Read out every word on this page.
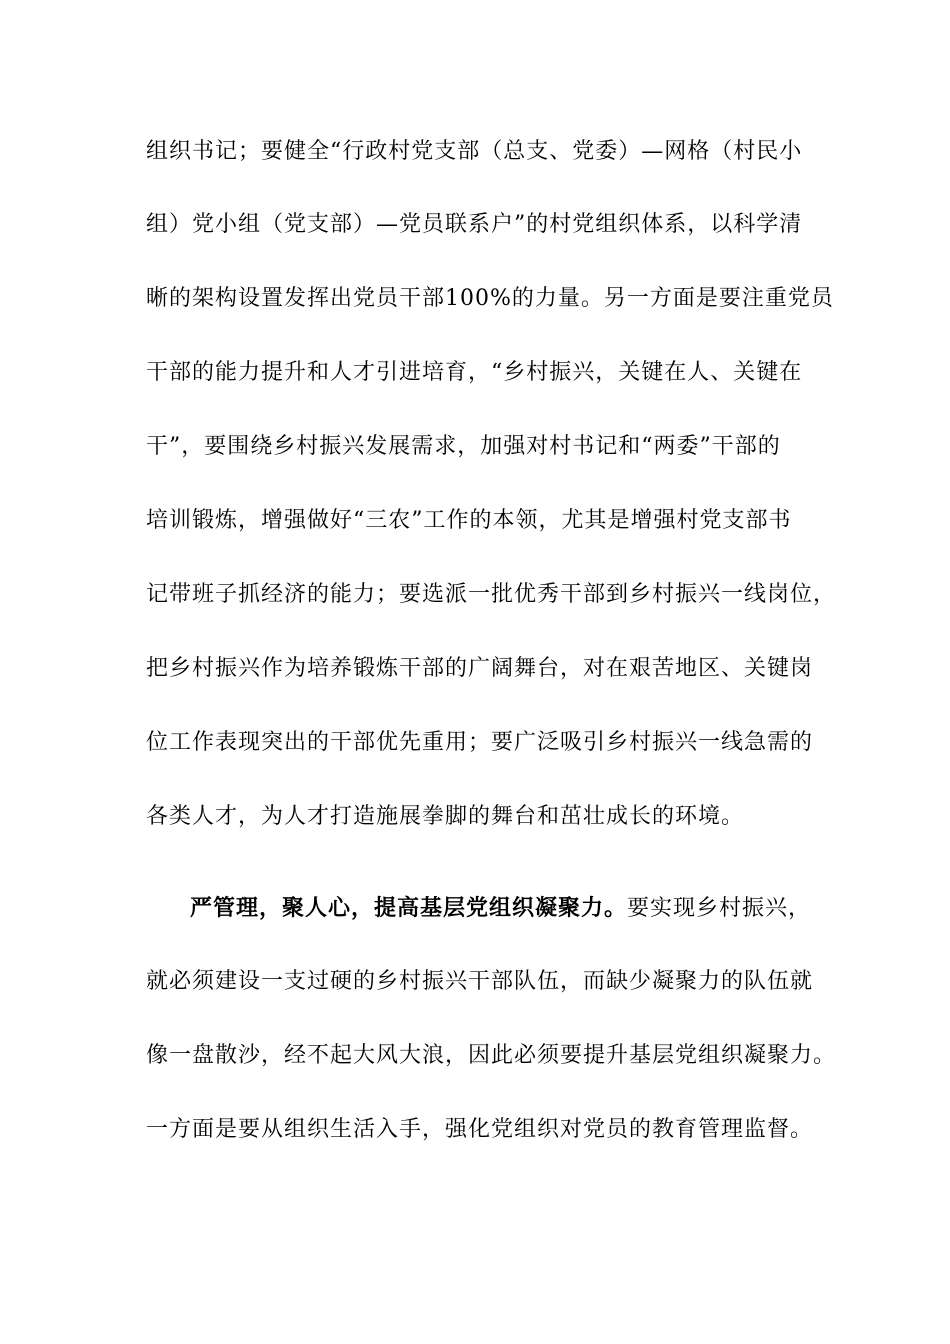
组织书记；要健全“行政村党支部（总支、党委）—网格（村民小
组）党小组（党支部）—党员联系户”的村党组织体系，以科学清
晰的架构设置发挥出党员干部100%的力量。另一方面是要注重党员
干部的能力提升和人才引进培育，“乡村振兴，关键在人、关键在
干”，要围绕乡村振兴发展需求，加强对村书记和“两委”干部的
培训锻炼，增强做好“三农”工作的本领，尤其是增强村党支部书
记带班子抓经济的能力；要选派一批优秀干部到乡村振兴一线岗位，
把乡村振兴作为培养锻炼干部的广阔舞台，对在艰苦地区、关键岗
位工作表现突出的干部优先重用；要广泛吸引乡村振兴一线急需的
各类人才，为人才打造施展拳脚的舞台和茁壮成长的环境。
严管理，聚人心，提高基层党组织凝聚力。要实现乡村振兴，
就必须建设一支过硬的乡村振兴干部队伍，而缺少凝聚力的队伍就
像一盘散沙，经不起大风大浪，因此必须要提升基层党组织凝聚力。
一方面是要从组织生活入手，强化党组织对党员的教育管理监督。
